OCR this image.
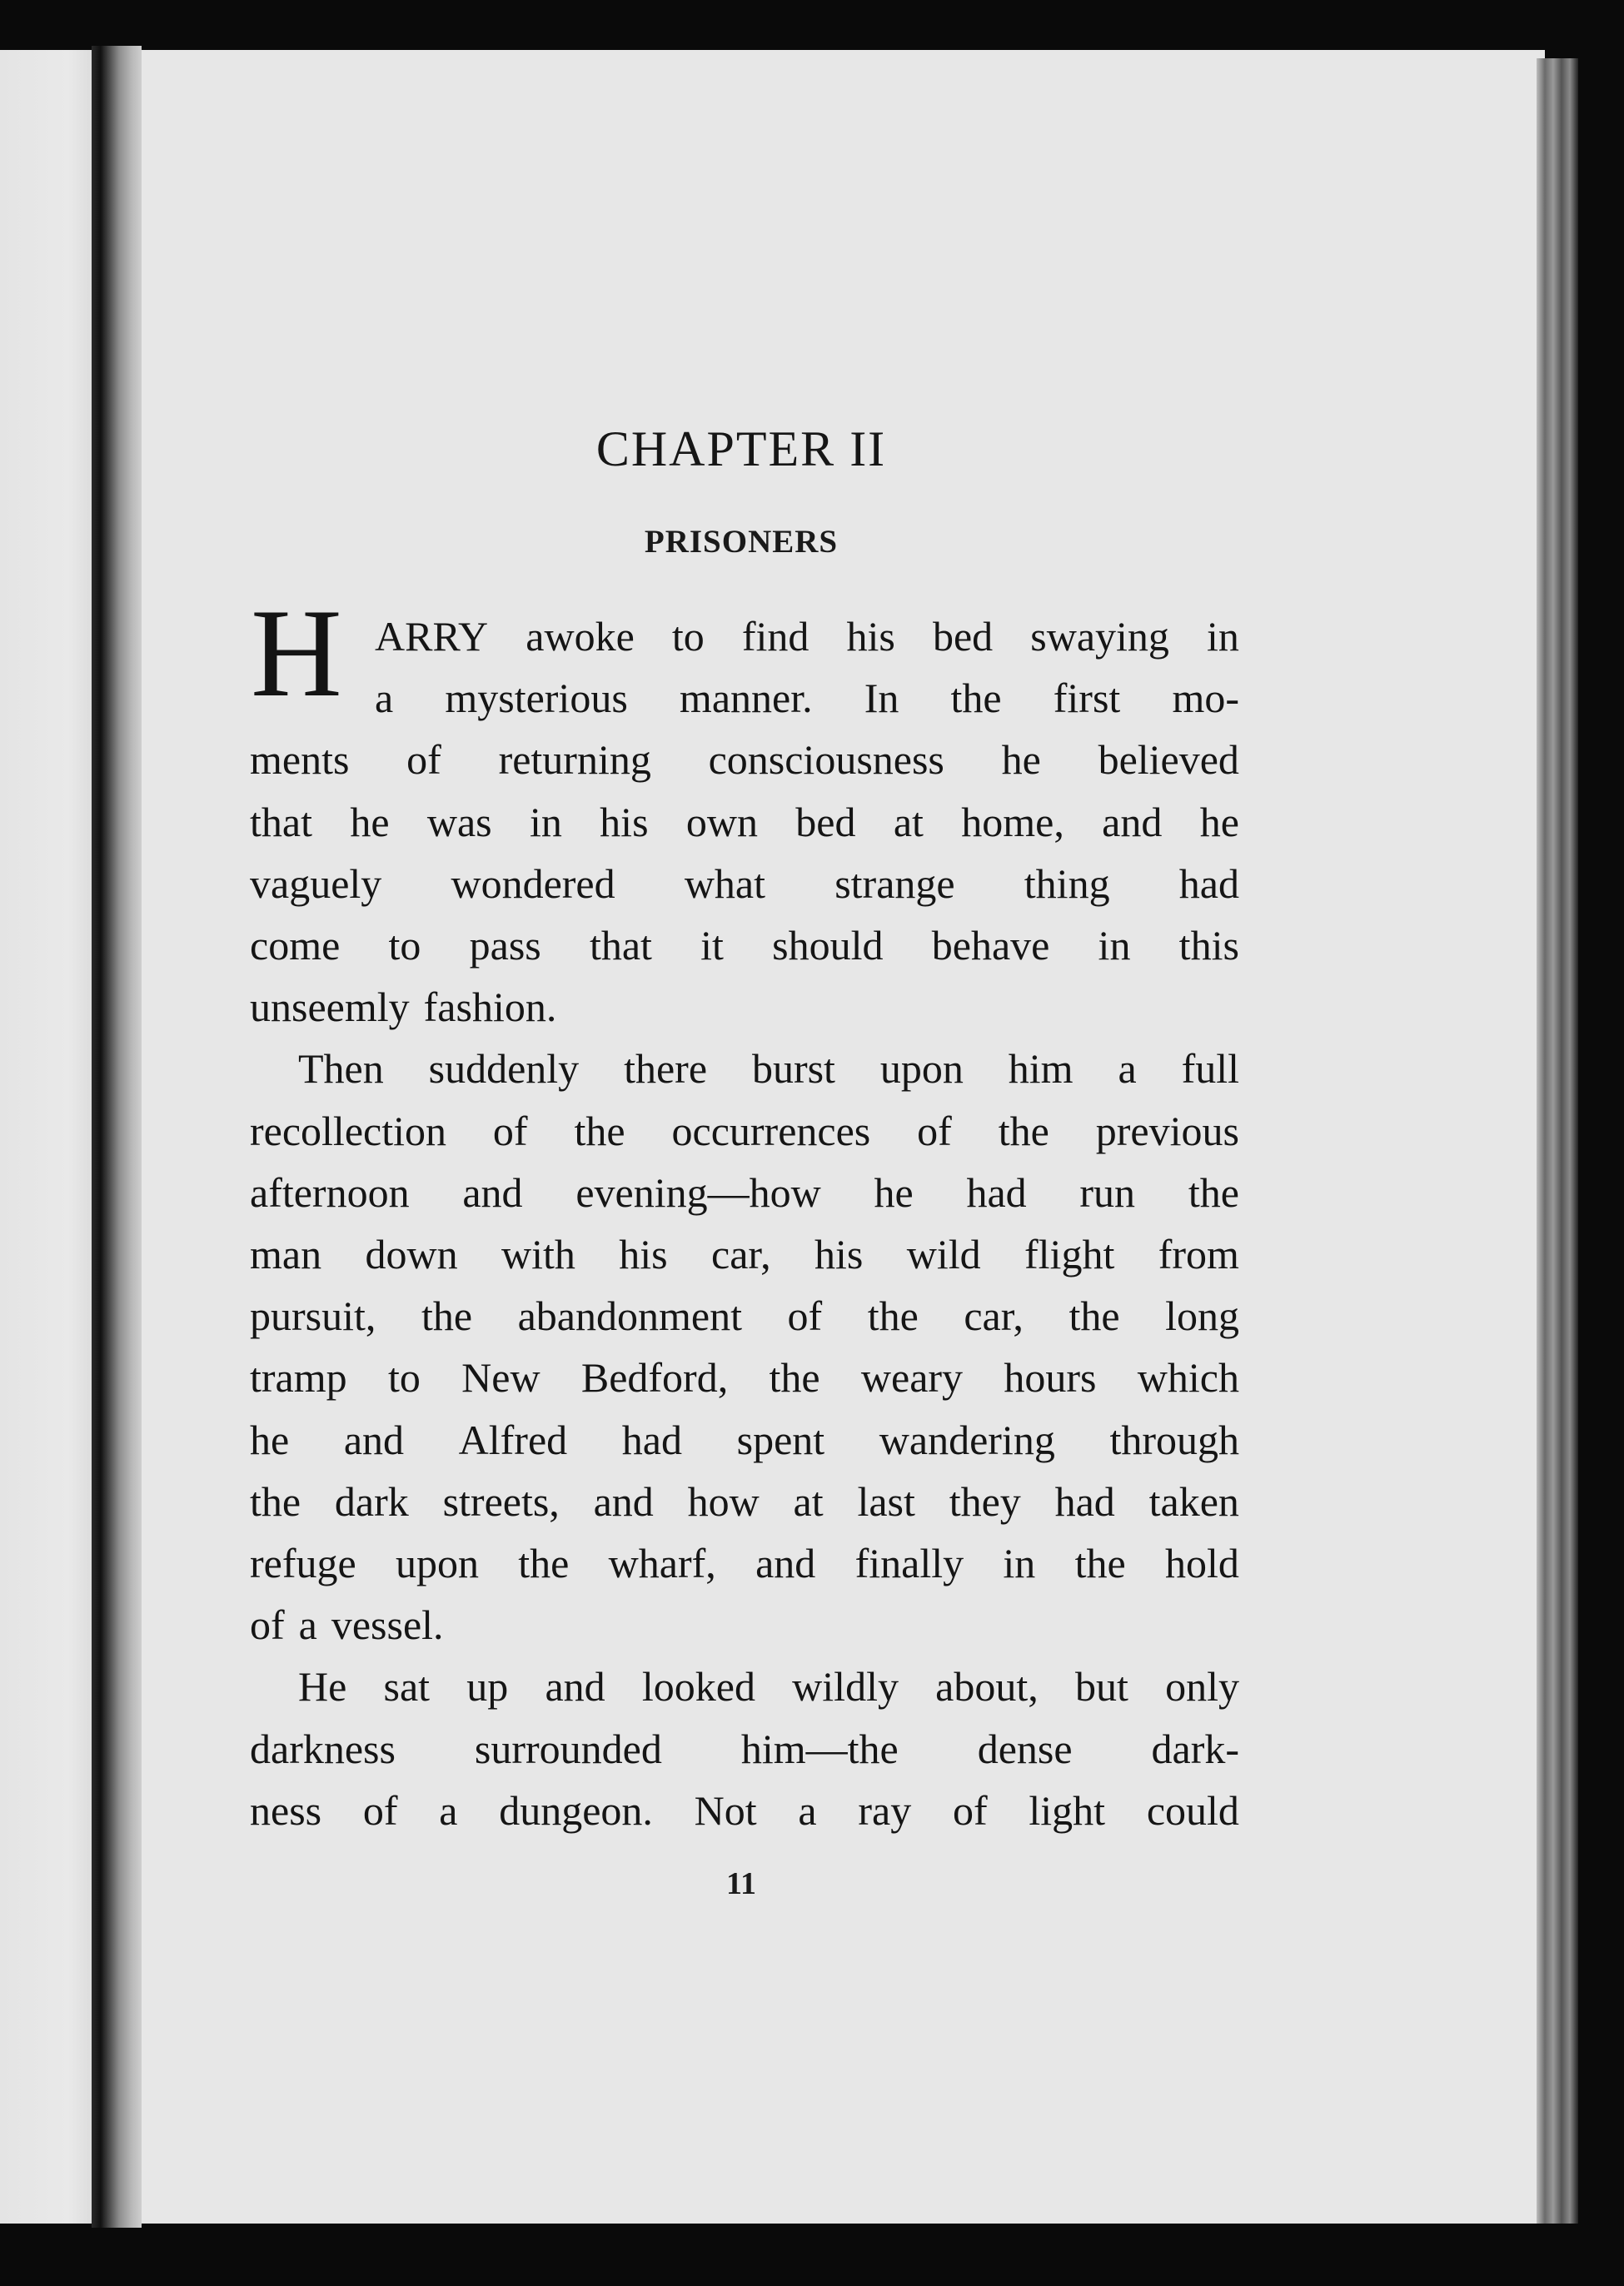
CHAPTER II
PRISONERS
H ARRY awoke to find his bed swaying in
a mysterious manner. In the first mo-
ments of returning consciousness he believed
that he was in his own bed at home, and he
vaguely wondered what strange thing had
come to pass that it should behave in this
unseemly fashion.
Then suddenly there burst upon him a full
recollection of the occurrences of the previous
afternoon and evening—how he had run the
man down with his car, his wild flight from
pursuit, the abandonment of the car, the long
tramp to New Bedford, the weary hours which
he and Alfred had spent wandering through
the dark streets, and how at last they had taken
refuge upon the wharf, and finally in the hold
of a vessel.
He sat up and looked wildly about, but only
darkness surrounded him—the dense dark-
ness of a dungeon. Not a ray of light could

11
